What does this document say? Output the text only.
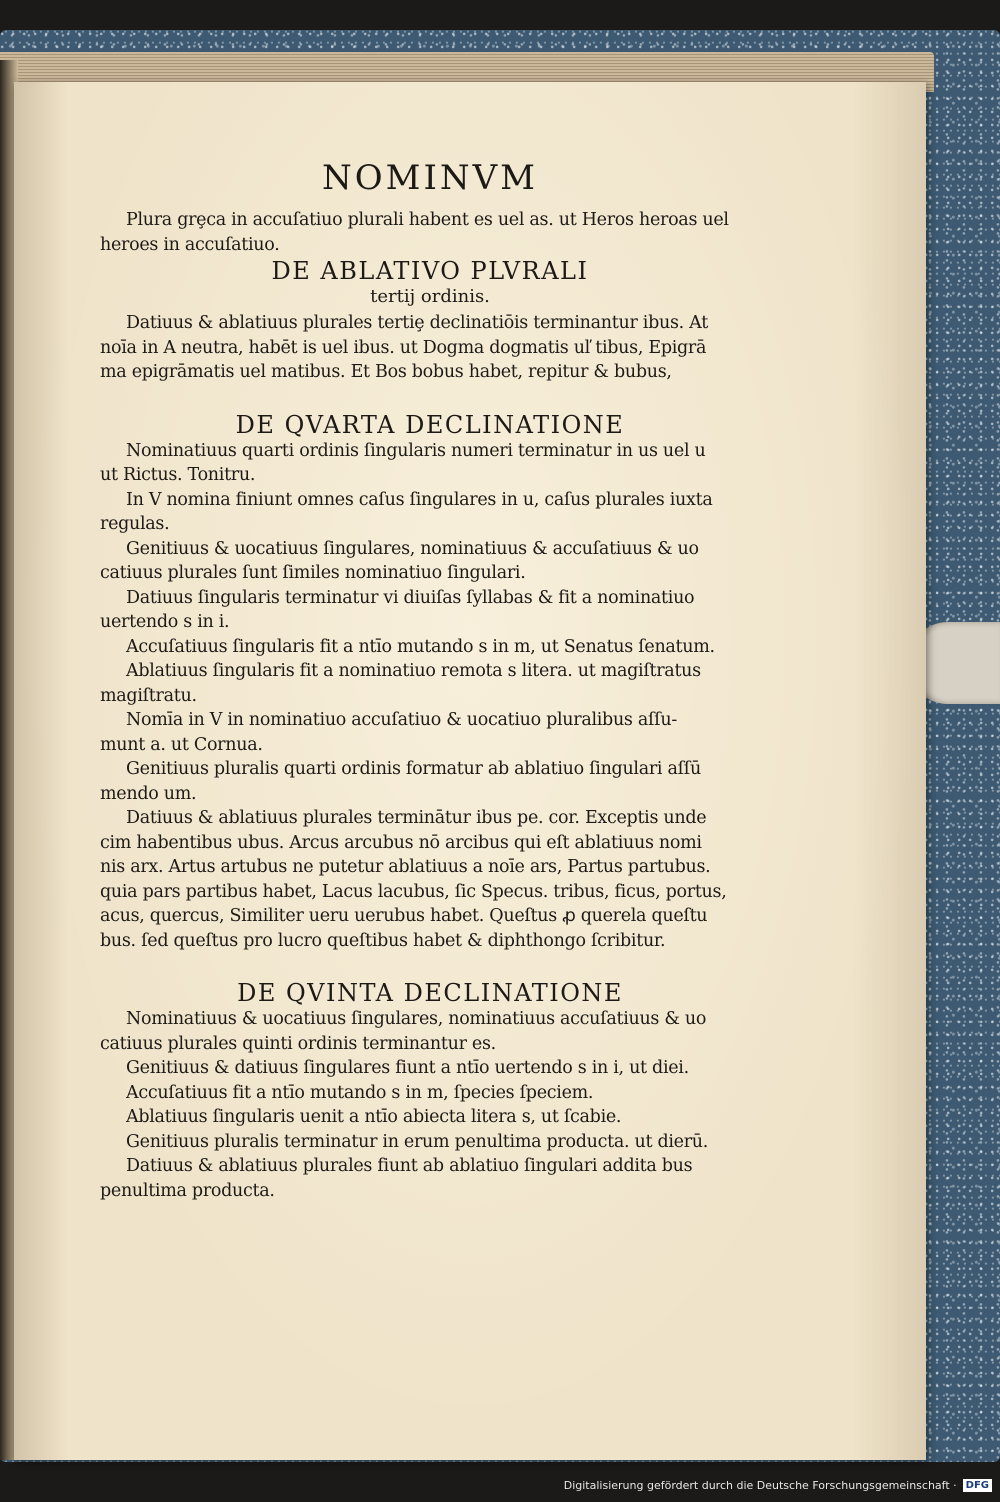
NOMINVM
Plura grȩca in accuſatiuo plurali habent es uel as. ut Heros heroas uel
heroes in accuſatiuo.
DE ABLATIVO PLVRALI
tertij ordinis.
Datiuus & ablatiuus plurales tertiȩ declinatiōis terminantur ibus. At
noīa in A neutra, habēt is uel ibus. ut Dogma dogmatis uľ tibus, Epigrā
ma epigrāmatis uel matibus. Et Bos bobus habet, repitur & bubus,
DE QVARTA DECLINATIONE
Nominatiuus quarti ordinis ſingularis numeri terminatur in us uel u
ut Rictus. Tonitru.
In V nomina finiunt omnes caſus ſingulares in u, caſus plurales iuxta
regulas.
Genitiuus & uocatiuus ſingulares, nominatiuus & accuſatiuus & uo
catiuus plurales ſunt ſimiles nominatiuo ſingulari.
Datiuus ſingularis terminatur vi diuiſas ſyllabas & fit a nominatiuo
uertendo s in i.
Accuſatiuus ſingularis fit a ntīo mutando s in m, ut Senatus ſenatum.
Ablatiuus ſingularis fit a nominatiuo remota s litera. ut magiſtratus
magiſtratu.
Nomīa in V in nominatiuo accuſatiuo & uocatiuo pluralibus aſſu-
munt a. ut Cornua.
Genitiuus pluralis quarti ordinis formatur ab ablatiuo ſingulari aſſū
mendo um.
Datiuus & ablatiuus plurales terminātur ibus pe. cor. Exceptis unde
cim habentibus ubus. Arcus arcubus nō arcibus qui eſt ablatiuus nomi
nis arx. Artus artubus ne putetur ablatiuus a noīe ars, Partus partubus.
quia pars partibus habet, Lacus lacubus, ſic Specus. tribus, ficus, portus,
acus, quercus, Similiter ueru uerubus habet. Queſtus ꝓ querela queſtu
bus. ſed queſtus pro lucro queſtibus habet & diphthongo ſcribitur.
DE QVINTA DECLINATIONE
Nominatiuus & uocatiuus ſingulares, nominatiuus accuſatiuus & uo
catiuus plurales quinti ordinis terminantur es.
Genitiuus & datiuus ſingulares fiunt a ntīo uertendo s in i, ut diei.
Accuſatiuus fit a ntīo mutando s in m, ſpecies ſpeciem.
Ablatiuus ſingularis uenit a ntīo abiecta litera s, ut ſcabie.
Genitiuus pluralis terminatur in erum penultima producta. ut dierū.
Datiuus & ablatiuus plurales fiunt ab ablatiuo ſingulari addita bus
penultima producta.
Digitalisierung gefördert durch die Deutsche Forschungsgemeinschaft · DFG
